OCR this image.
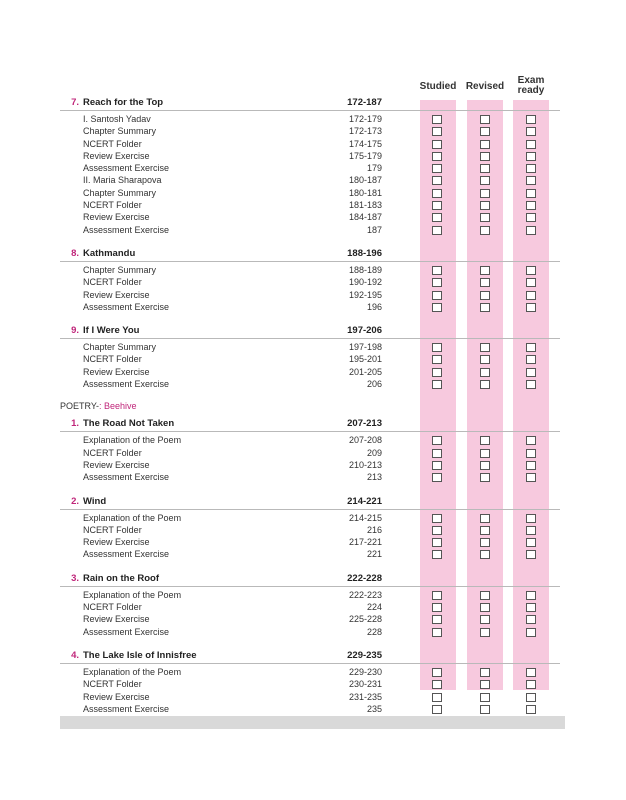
Studied Revised
Exam
ready
7. Reach for the Top	172-187
I. Santosh Yadav	172-179
Chapter Summary	172-173
NCERT Folder	174-175
Review Exercise	175-179
Assessment Exercise	179
II. Maria Sharapova	180-187
Chapter Summary	180-181
NCERT Folder	181-183
Review Exercise	184-187
Assessment Exercise	187
8. Kathmandu	188-196
Chapter Summary	188-189
NCERT Folder	190-192
Review Exercise	192-195
Assessment Exercise	196
9. If I Were You	197-206
Chapter Summary	197-198
NCERT Folder	195-201
Review Exercise	201-205
Assessment Exercise	206
POETRY-: Beehive
1. The Road Not Taken	207-213
Explanation of the Poem	207-208
NCERT Folder	209
Review Exercise	210-213
Assessment Exercise	213
2. Wind	214-221
Explanation of the Poem	214-215
NCERT Folder	216
Review Exercise	217-221
Assessment Exercise	221
3. Rain on the Roof	222-228
Explanation of the Poem	222-223
NCERT Folder	224
Review Exercise	225-228
Assessment Exercise	228
4. The Lake Isle of Innisfree	229-235
Explanation of the Poem	229-230
NCERT Folder	230-231
Review Exercise	231-235
Assessment Exercise	235
